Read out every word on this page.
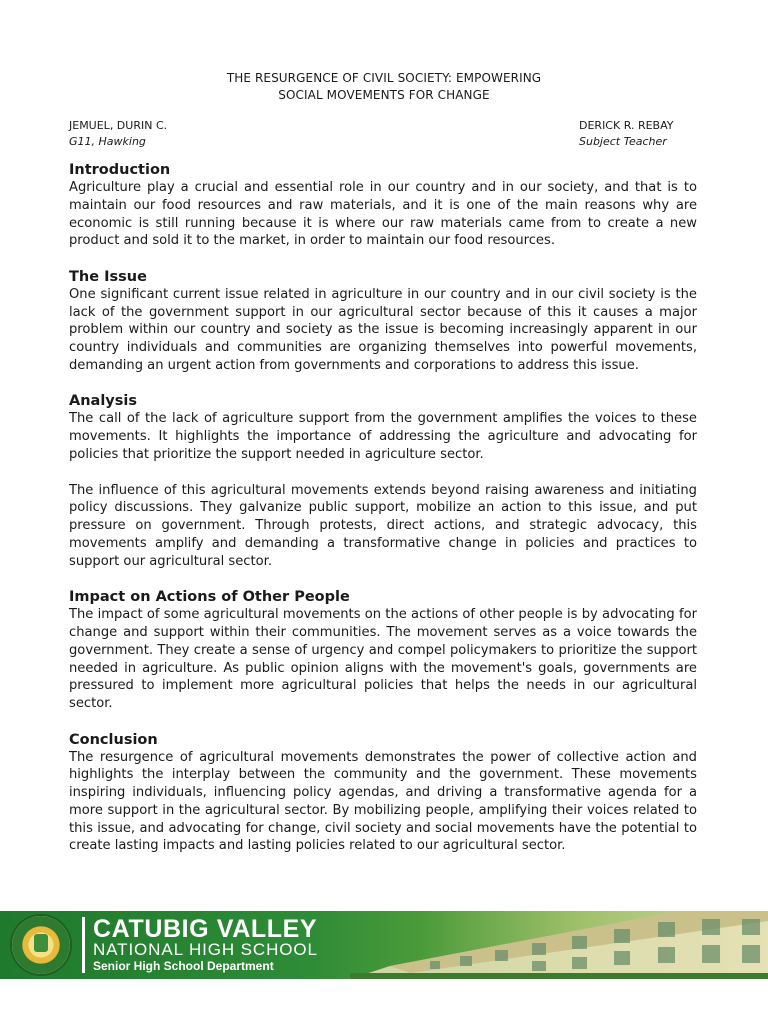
THE RESURGENCE OF CIVIL SOCIETY: EMPOWERING
SOCIAL MOVEMENTS FOR CHANGE
JEMUEL, DURIN C.
G11, Hawking
DERICK R. REBAY
Subject Teacher
Introduction

Agriculture play a crucial and essential role in our country and in our society, and that is to maintain our food resources and raw materials, and it is one of the main reasons why are economic is still running because it is where our raw materials came from to create a new product and sold it to the market, in order to maintain our food resources.

The Issue

One significant current issue related in agriculture in our country and in our civil society is the lack of the government support in our agricultural sector because of this it causes a major problem within our country and society as the issue is becoming increasingly apparent in our country individuals and communities are organizing themselves into powerful movements, demanding an urgent action from governments and corporations to address this issue.

Analysis

The call of the lack of agriculture support from the government amplifies the voices to these movements. It highlights the importance of addressing the agriculture and advocating for policies that prioritize the support needed in agriculture sector.

The influence of this agricultural movements extends beyond raising awareness and initiating policy discussions. They galvanize public support, mobilize an action to this issue, and put pressure on government. Through protests, direct actions, and strategic advocacy, this movements amplify and demanding a transformative change in policies and practices to support our agricultural sector.

Impact on Actions of Other People

The impact of some agricultural movements on the actions of other people is by advocating for change and support within their communities. The movement serves as a voice towards the government. They create a sense of urgency and compel policymakers to prioritize the support needed in agriculture. As public opinion aligns with the movement's goals, governments are pressured to implement more agricultural policies that helps the needs in our agricultural sector.

Conclusion

The resurgence of agricultural movements demonstrates the power of collective action and highlights the interplay between the community and the government. These movements inspiring individuals, influencing policy agendas, and driving a transformative agenda for a more support in the agricultural sector. By mobilizing people, amplifying their voices related to this issue, and advocating for change, civil society and social movements have the potential to create lasting impacts and lasting policies related to our agricultural sector.

CATUBIG VALLEY
NATIONAL HIGH SCHOOL
Senior High School Department
